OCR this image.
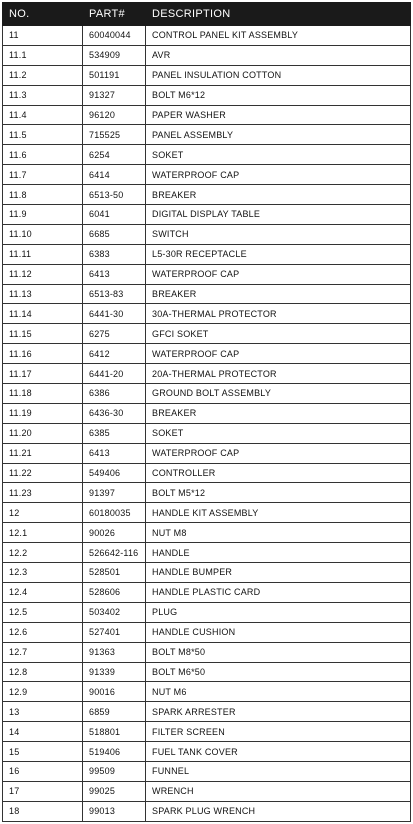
NO.	PART#	DESCRIPTION
11	60040044	CONTROL PANEL KIT ASSEMBLY
11.1	534909	AVR
11.2	501191	PANEL INSULATION COTTON
11.3	91327	BOLT M6*12
11.4	96120	PAPER WASHER
11.5	715525	PANEL ASSEMBLY
11.6	6254	SOKET
11.7	6414	WATERPROOF CAP
11.8	6513-50	BREAKER
11.9	6041	DIGITAL DISPLAY TABLE
11.10	6685	SWITCH
11.11	6383	L5-30R RECEPTACLE
11.12	6413	WATERPROOF CAP
11.13	6513-83	BREAKER
11.14	6441-30	30A-THERMAL PROTECTOR
11.15	6275	GFCI SOKET
11.16	6412	WATERPROOF CAP
11.17	6441-20	20A-THERMAL PROTECTOR
11.18	6386	GROUND BOLT ASSEMBLY
11.19	6436-30	BREAKER
11.20	6385	SOKET
11.21	6413	WATERPROOF CAP
11.22	549406	CONTROLLER
11.23	91397	BOLT M5*12
12	60180035	HANDLE KIT ASSEMBLY
12.1	90026	NUT M8
12.2	526642-116	HANDLE
12.3	528501	HANDLE BUMPER
12.4	528606	HANDLE PLASTIC CARD
12.5	503402	PLUG
12.6	527401	HANDLE CUSHION
12.7	91363	BOLT M8*50
12.8	91339	BOLT M6*50
12.9	90016	NUT M6
13	6859	SPARK ARRESTER
14	518801	FILTER SCREEN
15	519406	FUEL TANK COVER
16	99509	FUNNEL
17	99025	WRENCH
18	99013	SPARK PLUG WRENCH
